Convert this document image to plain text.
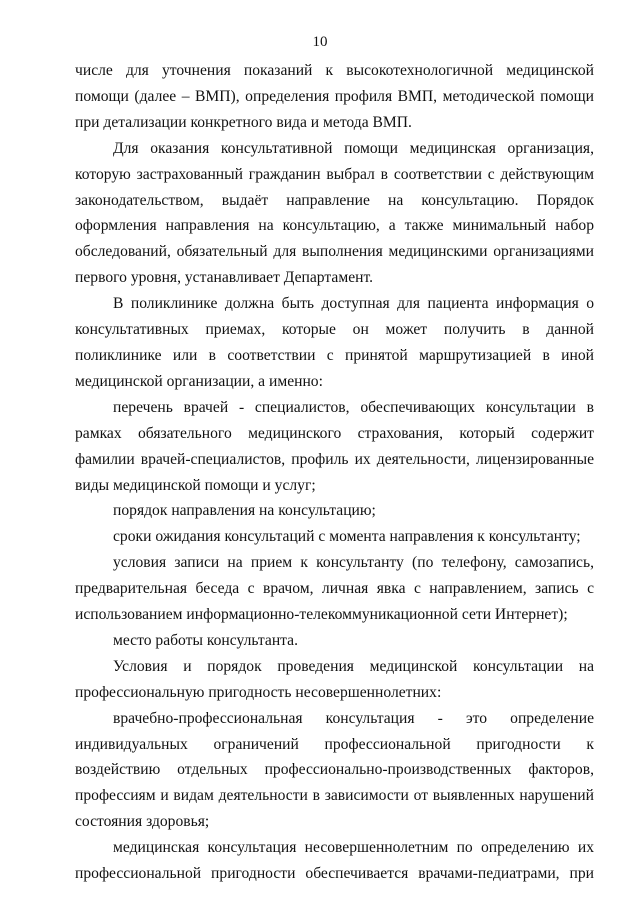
10

числе для уточнения показаний к высокотехнологичной медицинской помощи (далее – ВМП), определения профиля ВМП, методической помощи при детализации конкретного вида и метода ВМП.

Для оказания консультативной помощи медицинская организация, которую застрахованный гражданин выбрал в соответствии с действующим законодательством, выдаёт направление на консультацию. Порядок оформления направления на консультацию, а также минимальный набор обследований, обязательный для выполнения медицинскими организациями первого уровня, устанавливает Департамент.

В поликлинике должна быть доступная для пациента информация о консультативных приемах, которые он может получить в данной поликлинике или в соответствии с принятой маршрутизацией в иной медицинской организации, а именно:

перечень врачей - специалистов, обеспечивающих консультации в рамках обязательного медицинского страхования, который содержит фамилии врачей-специалистов, профиль их деятельности, лицензированные виды медицинской помощи и услуг;

порядок направления на консультацию;

сроки ожидания консультаций с момента направления к консультанту;

условия записи на прием к консультанту (по телефону, самозапись, предварительная беседа с врачом, личная явка с направлением, запись с использованием информационно-телекоммуникационной сети Интернет);

место работы консультанта.

Условия и порядок проведения медицинской консультации на профессиональную пригодность несовершеннолетних:

врачебно-профессиональная консультация - это определение индивидуальных ограничений профессиональной пригодности к воздействию отдельных профессионально-производственных факторов, профессиям и видам деятельности в зависимости от выявленных нарушений состояния здоровья;

медицинская консультация несовершеннолетним по определению их профессиональной пригодности обеспечивается врачами-педиатрами, при
